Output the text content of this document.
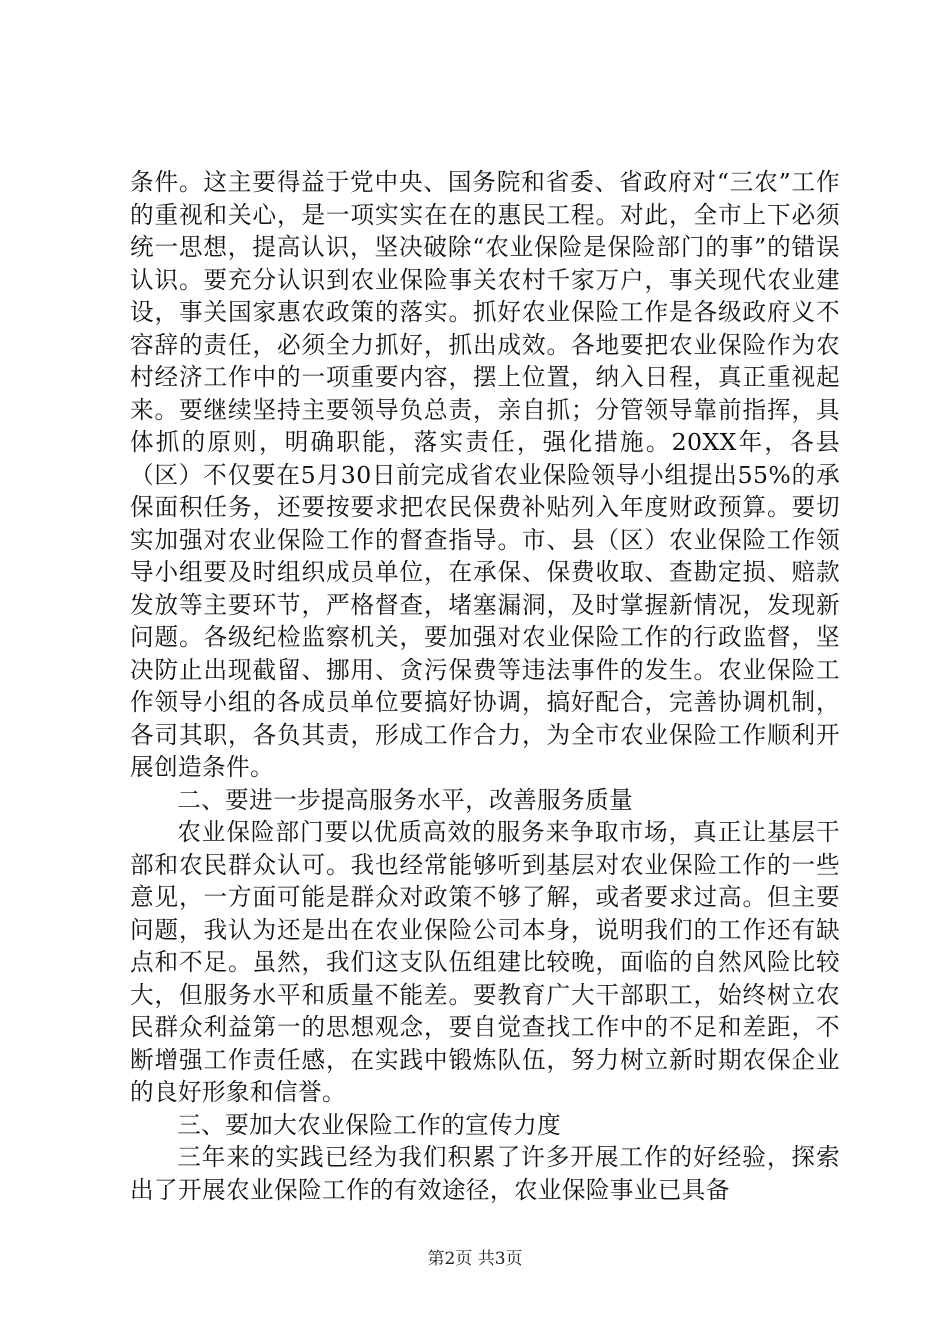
条件。这主要得益于党中央、国务院和省委、省政府对“三农”工作的重视和关心，是一项实实在在的惠民工程。对此，全市上下必须统一思想，提高认识，坚决破除“农业保险是保险部门的事”的错误认识。要充分认识到农业保险事关农村千家万户，事关现代农业建设，事关国家惠农政策的落实。抓好农业保险工作是各级政府义不容辞的责任，必须全力抓好，抓出成效。各地要把农业保险作为农村经济工作中的一项重要内容，摆上位置，纳入日程，真正重视起来。要继续坚持主要领导负总责，亲自抓；分管领导靠前指挥，具体抓的原则，明确职能，落实责任，强化措施。20XX年，各县（区）不仅要在5月30日前完成省农业保险领导小组提出55%的承保面积任务，还要按要求把农民保费补贴列入年度财政预算。要切实加强对农业保险工作的督查指导。市、县（区）农业保险工作领导小组要及时组织成员单位，在承保、保费收取、查勘定损、赔款发放等主要环节，严格督查，堵塞漏洞，及时掌握新情况，发现新问题。各级纪检监察机关，要加强对农业保险工作的行政监督，坚决防止出现截留、挪用、贪污保费等违法事件的发生。农业保险工作领导小组的各成员单位要搞好协调，搞好配合，完善协调机制，各司其职，各负其责，形成工作合力，为全市农业保险工作顺利开展创造条件。

二、要进一步提高服务水平，改善服务质量

农业保险部门要以优质高效的服务来争取市场，真正让基层干部和农民群众认可。我也经常能够听到基层对农业保险工作的一些意见，一方面可能是群众对政策不够了解，或者要求过高。但主要问题，我认为还是出在农业保险公司本身，说明我们的工作还有缺点和不足。虽然，我们这支队伍组建比较晚，面临的自然风险比较大，但服务水平和质量不能差。要教育广大干部职工，始终树立农民群众利益第一的思想观念，要自觉查找工作中的不足和差距，不断增强工作责任感，在实践中锻炼队伍，努力树立新时期农保企业的良好形象和信誉。

三、要加大农业保险工作的宣传力度

三年来的实践已经为我们积累了许多开展工作的好经验，探索出了开展农业保险工作的有效途径，农业保险事业已具备

第2页 共3页
